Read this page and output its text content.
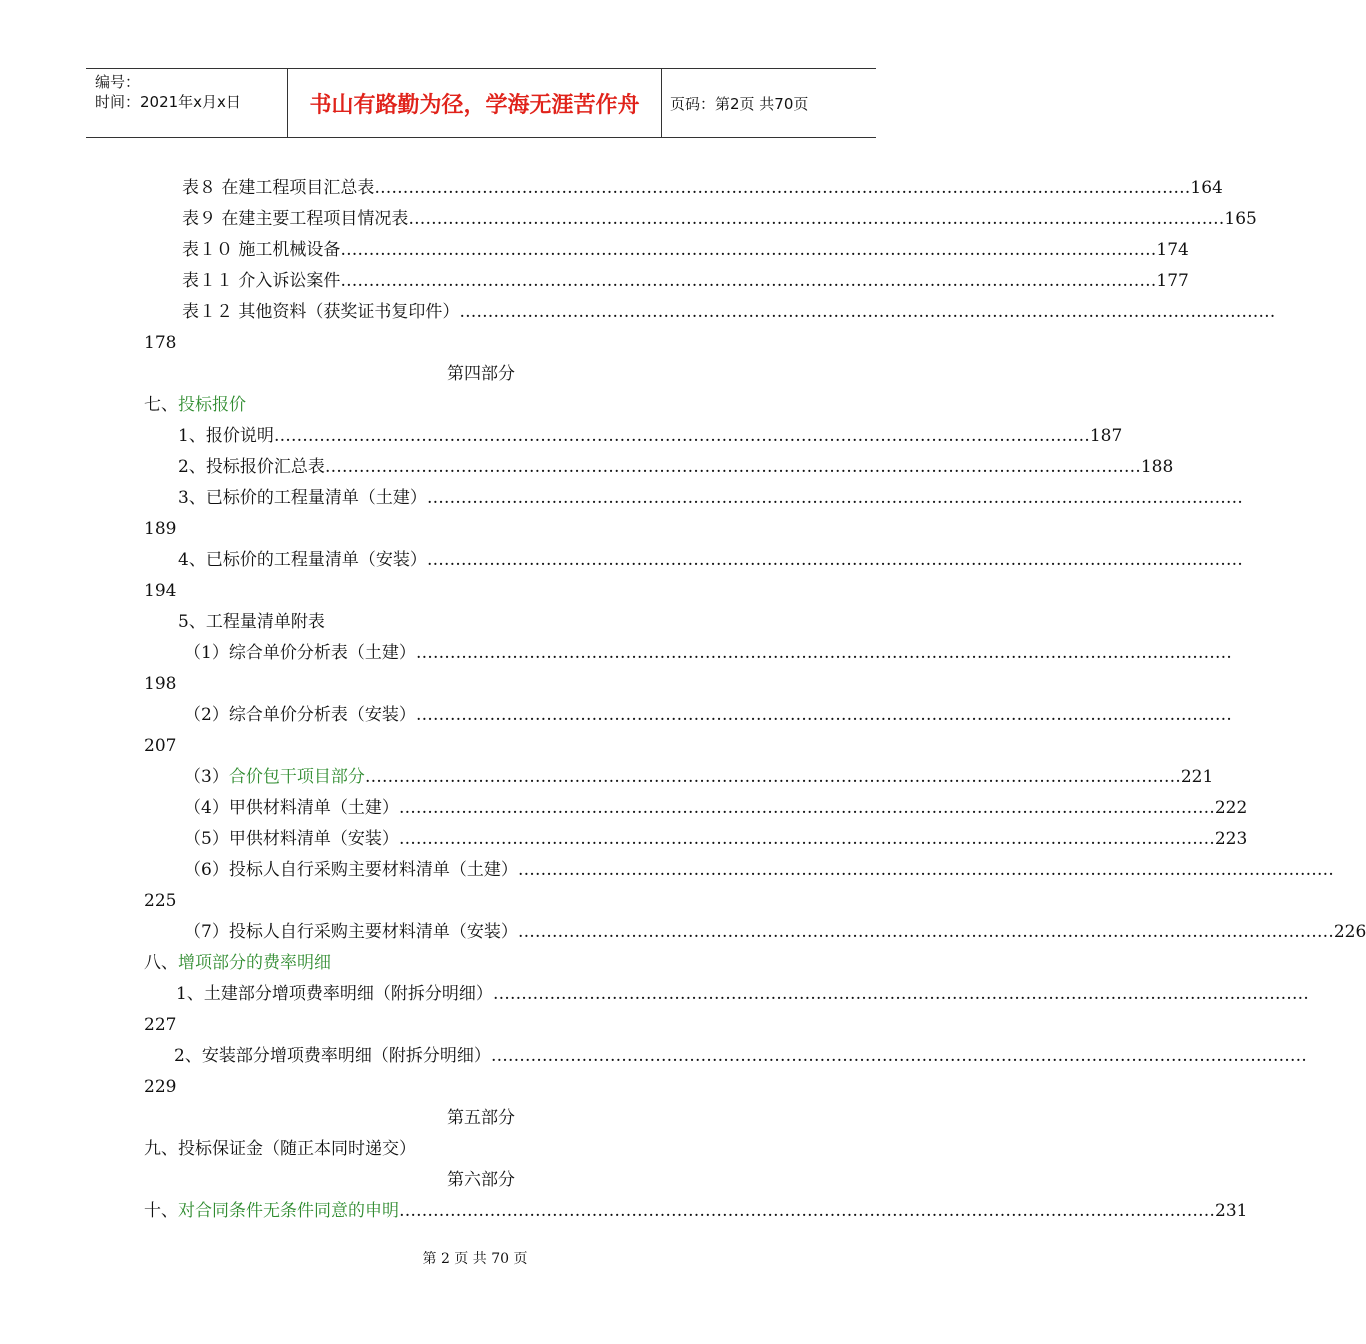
编号：
时间：2021年x月x日	书山有路勤为径，学海无涯苦作舟 页码：第2页 共70页
表８ 在建工程项目汇总表 ……………………………………………………………………………………………………………………………… 164
表９ 在建主要工程项目情况表 ……………………………………………………………………………………………………………………………… 165
表１０ 施工机械设备 ……………………………………………………………………………………………………………………………… 174
表１１ 介入诉讼案件 ……………………………………………………………………………………………………………………………… 177
表１２ 其他资料（获奖证书复印件） ………………………………………………………………………………………………………………………………
178
第四部分
七、投标报价
1、报价说明 ……………………………………………………………………………………………………………………………… 187
2、投标报价汇总表 ……………………………………………………………………………………………………………………………… 188
3、已标价的工程量清单（土建） ………………………………………………………………………………………………………………………………
189
4、已标价的工程量清单（安装） ………………………………………………………………………………………………………………………………
194
5、工程量清单附表
（1）综合单价分析表（土建） ………………………………………………………………………………………………………………………………
198
（2）综合单价分析表（安装） ………………………………………………………………………………………………………………………………
207
（3）合价包干项目部分 ……………………………………………………………………………………………………………………………… 221
（4）甲供材料清单（土建） ……………………………………………………………………………………………………………………………… 222
（5）甲供材料清单（安装） ……………………………………………………………………………………………………………………………… 223
（6）投标人自行采购主要材料清单（土建） ………………………………………………………………………………………………………………………………
225
（7）投标人自行采购主要材料清单（安装） ……………………………………………………………………………………………………………………………… 226
八、增项部分的费率明细
1、土建部分增项费率明细（附拆分明细） ………………………………………………………………………………………………………………………………
227
2、安装部分增项费率明细（附拆分明细） ………………………………………………………………………………………………………………………………
229
第五部分
九、投标保证金（随正本同时递交）
第六部分
十、对合同条件无条件同意的申明 ……………………………………………………………………………………………………………………………… 231
第 2 页 共 70 页
